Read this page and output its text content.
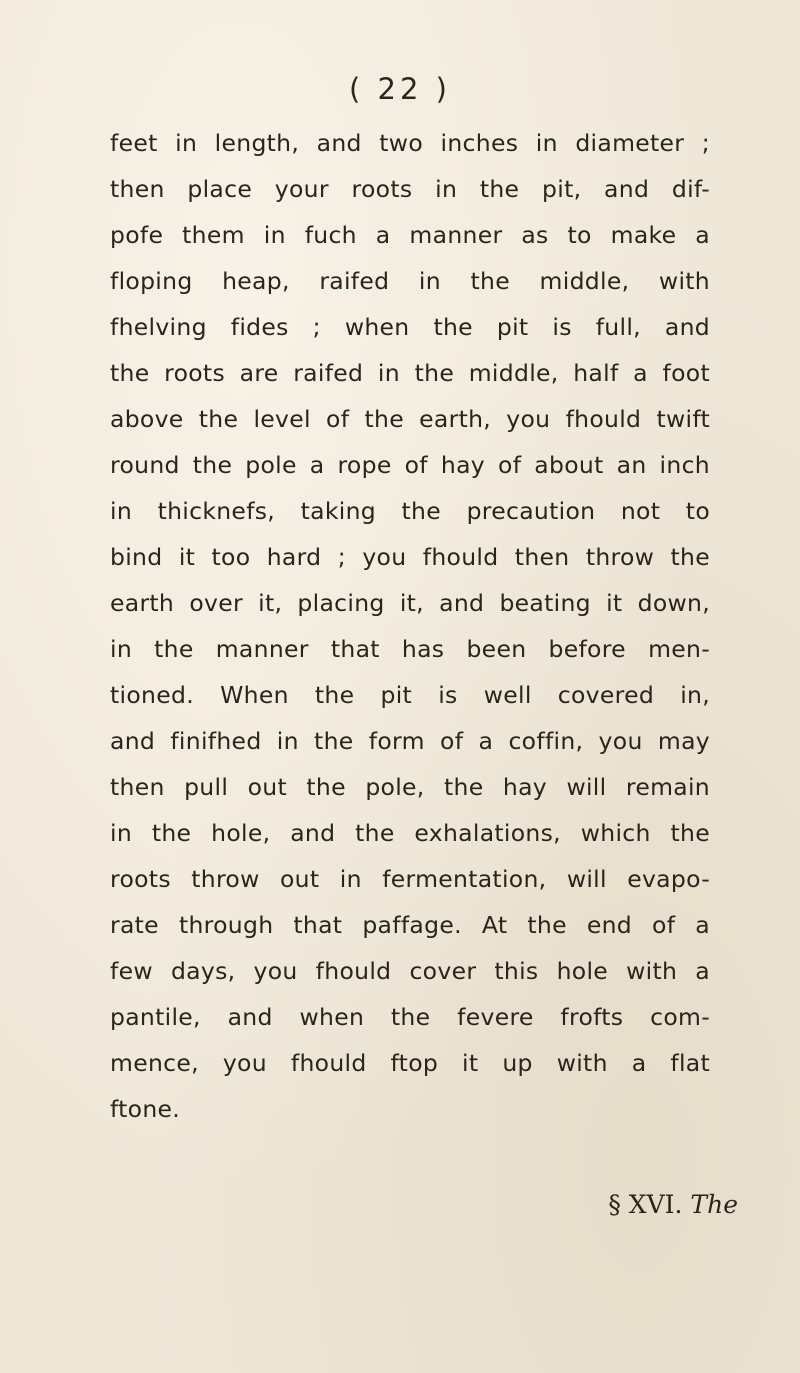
( 22 )
feet in length, and two inches in diameter ;
then place your roots in the pit, and dif-
pofe them in fuch a manner as to make a
floping heap, raifed in the middle, with
fhelving fides ; when the pit is full, and
the roots are raifed in the middle, half a foot
above the level of the earth, you fhould twift
round the pole a rope of hay of about an inch
in thicknefs, taking the precaution not to
bind it too hard ; you fhould then throw the
earth over it, placing it, and beating it down,
in the manner that has been before men-
tioned. When the pit is well covered in,
and finifhed in the form of a coffin, you may
then pull out the pole, the hay will remain
in the hole, and the exhalations, which the
roots throw out in fermentation, will evapo-
rate through that paffage. At the end of a
few days, you fhould cover this hole with a
pantile, and when the fevere frofts com-
mence, you fhould ftop it up with a flat
ftone.
§ XVI. The
